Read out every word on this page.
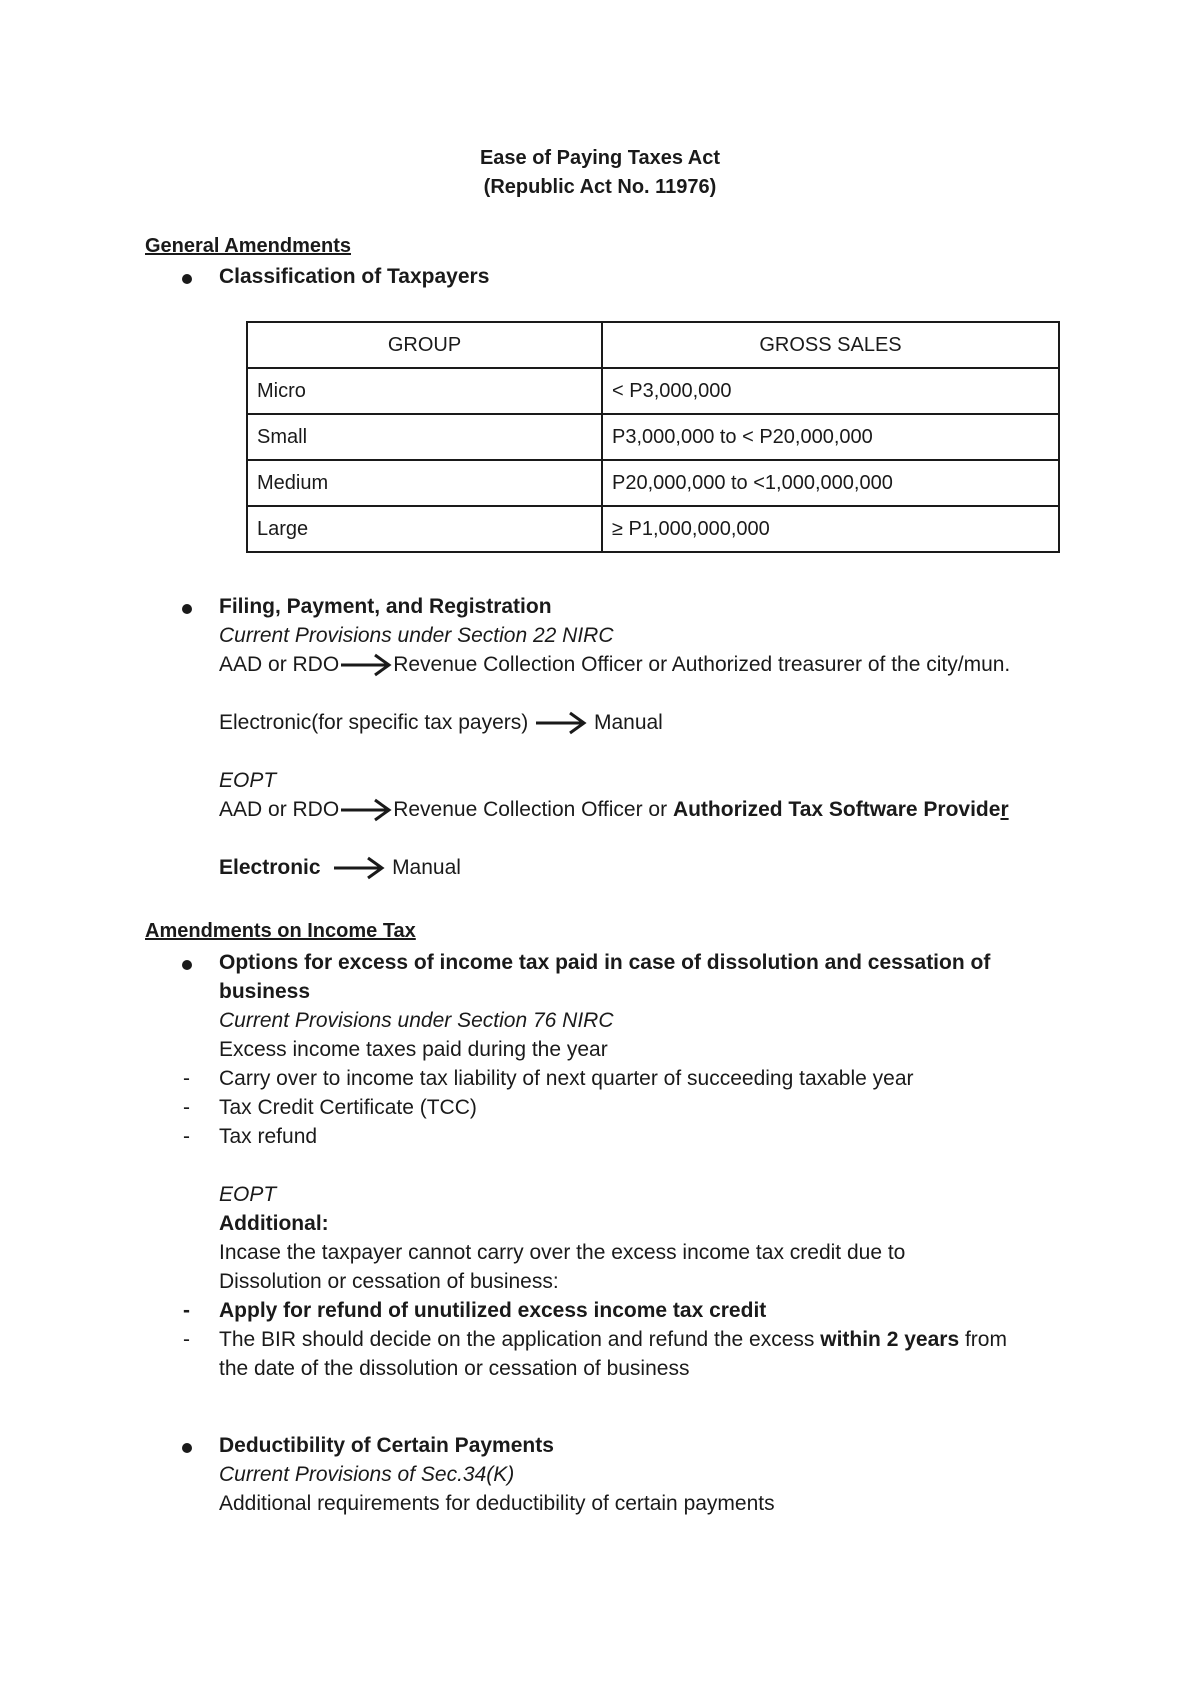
Ease of Paying Taxes Act
(Republic Act No. 11976)
General Amendments
Classification of Taxpayers
GROUP	GROSS SALES
Micro	< P3,000,000
Small	P3,000,000 to < P20,000,000
Medium	P20,000,000 to <1,000,000,000
Large	≥ P1,000,000,000
Filing, Payment, and Registration
Current Provisions under Section 22 NIRC
AAD or RDO	Revenue Collection Officer or Authorized treasurer of the city/mun.
Electronic(for specific tax payers)	Manual
EOPT
AAD or RDO	Revenue Collection Officer or Authorized Tax Software Provider
Electronic	Manual
Amendments on Income Tax
Options for excess of income tax paid in case of dissolution and cessation of business
Current Provisions under Section 76 NIRC
Excess income taxes paid during the year
- Carry over to income tax liability of next quarter of succeeding taxable year
- Tax Credit Certificate (TCC)
- Tax refund
EOPT
Additional:
Incase the taxpayer cannot carry over the excess income tax credit due to Dissolution or cessation of business:
- Apply for refund of unutilized excess income tax credit
- The BIR should decide on the application and refund the excess within 2 years from the date of the dissolution or cessation of business
Deductibility of Certain Payments
Current Provisions of Sec.34(K)
Additional requirements for deductibility of certain payments
